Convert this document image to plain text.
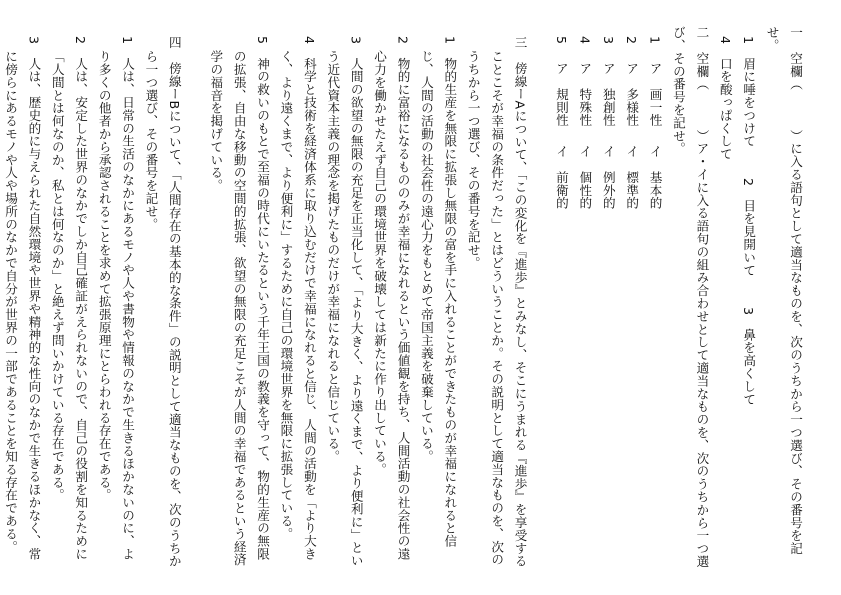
一　空欄（　　　）に入る語句として適当なものを、次のうちから一つ選び、その番号を記せ。
1　眉に唾をつけて 2　目を見開いて 3　鼻を高くして 4　口を酸っぱくして
二　空欄（　　　）ア・イに入る語句の組み合わせとして適当なものを、次のうちから一つ選び、その番号を記せ。
1ア　画一性イ　基本的
2ア　多様性イ　標準的
3ア　独創性イ　例外的
4ア　特殊性イ　個性的
5ア　規則性イ　前衛的
三　傍線ーAについて、「この変化を『進歩』とみなし、そこにうまれる『進歩』を享受することこそが幸福の条件だった」とはどういうことか。その説明として適当なものを、次のうちから一つ選び、その番号を記せ。
1　物的生産を無限に拡張し無限の富を手に入れることができたものが幸福になれると信じ、人間の活動の社会性の遠心力をもとめて帝国主義を破棄している。
2　物的に富裕になるもののみが幸福になれるという価値観を持ち、人間活動の社会性の遠心力を働かせたえず自己の環境世界を破壊しては新たに作り出している。
3　人間の欲望の無限の充足を正当化して、「より大きく、より遠くまで、より便利に」という近代資本主義の理念を掲げたものだけが幸福になれると信じている。
4　科学と技術を経済体系に取り込むだけで幸福になれると信じ、人間の活動を「より大きく、より遠くまで、より便利に」するために自己の環境世界を無限に拡張している。
5　神の救いのもとで至福の時代にいたるという千年王国の教義を守って、物的生産の無限の拡張、自由な移動の空間的拡張、欲望の無限の充足こそが人間の幸福であるという経済学の福音を掲げている。
四　傍線ーBについて、「人間存在の基本的な条件」の説明として適当なものを、次のうちから一つ選び、その番号を記せ。
1　人は、日常の生活のなかにあるモノや人や書物や情報のなかで生きるほかないのに、より多くの他者から承認されることを求めて拡張原理にとらわれる存在である。
2　人は、安定した世界のなかでしか自己確証がえられないので、自己の役割を知るために「人間とは何なのか、私とは何なのか」と絶えず問いかけている存在である。
3　人は、歴史的に与えられた自然環境や世界や精神的な性向のなかで生きるほかなく、常に傍らにあるモノや人や場所のなかで自分が世界の一部であることを知る存在である。
